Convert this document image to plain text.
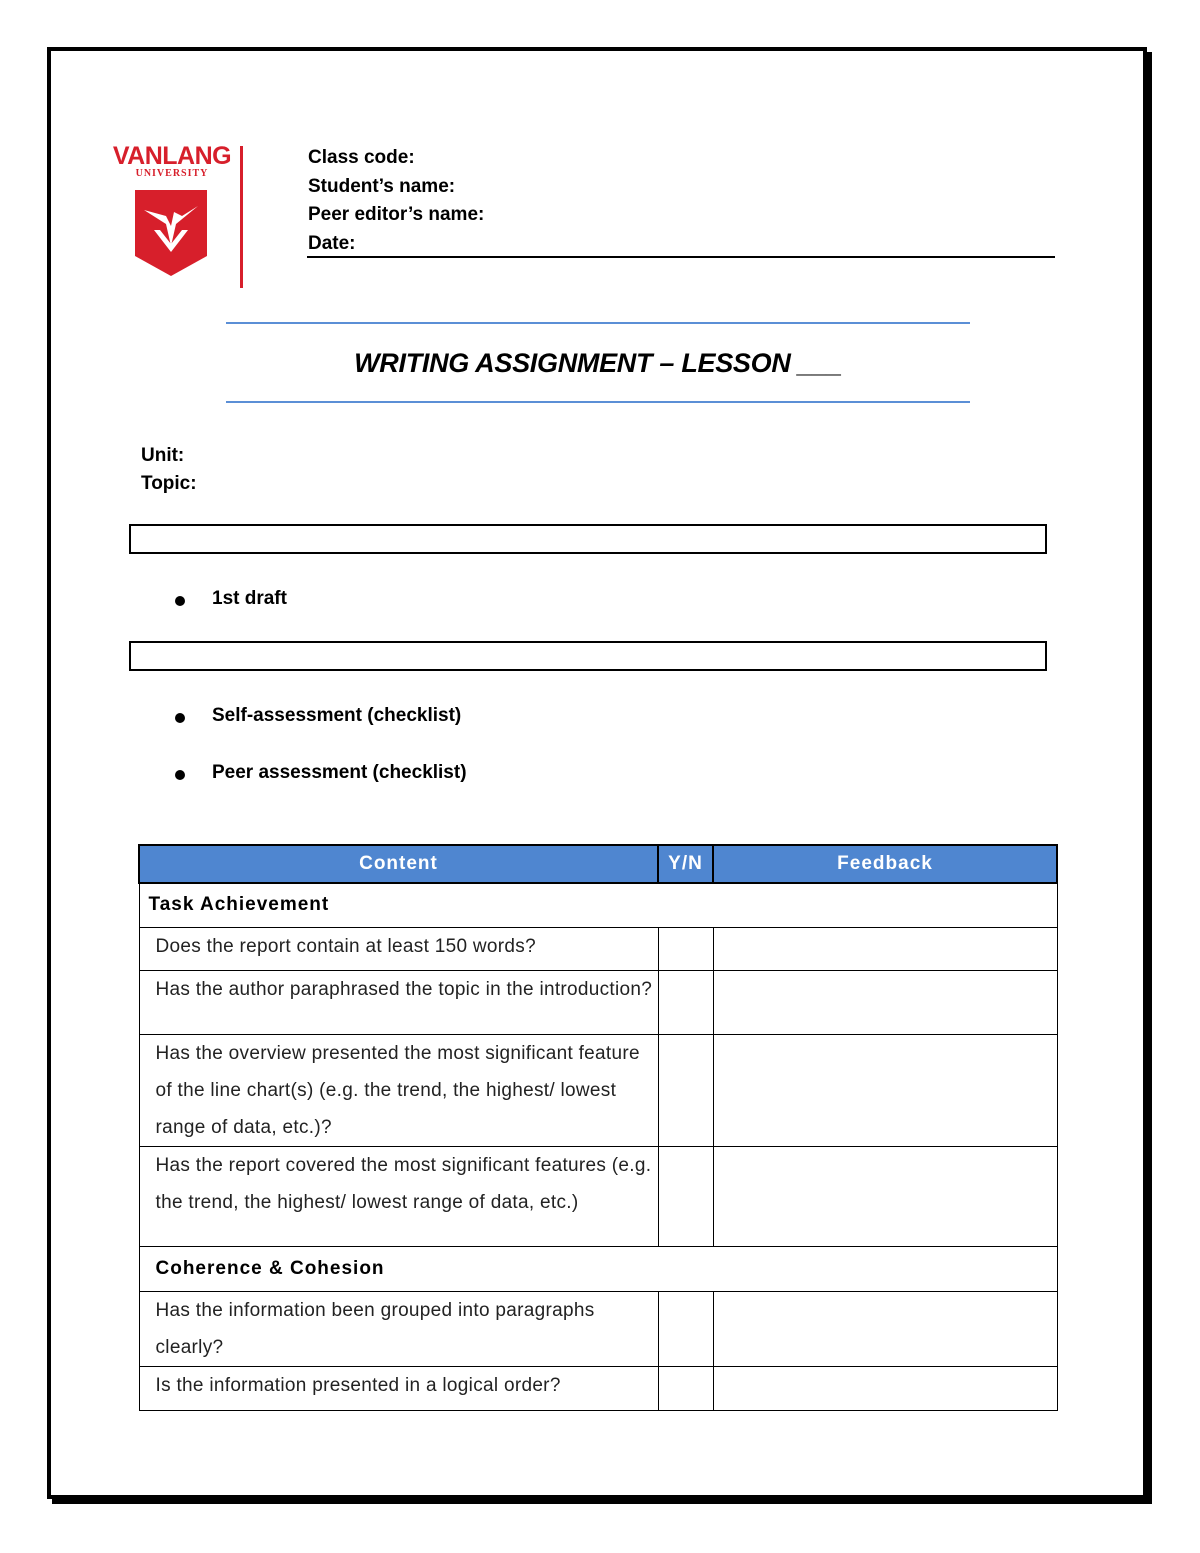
VANLANG
UNIVERSITY
Class code:
Student’s name:
Peer editor’s name:
Date:
WRITING ASSIGNMENT – LESSON ___
Unit:
Topic:
1st draft
Self-assessment (checklist)
Peer assessment (checklist)
Content	Y/N	Feedback
Task Achievement		
Does the report contain at least 150 words?		
Has the author paraphrased the topic in the introduction?		
Has the overview presented the most significant feature of the line chart(s) (e.g. the trend, the highest/ lowest range of data, etc.)?		
Has the report covered the most significant features (e.g. the trend, the highest/ lowest range of data, etc.)		
Coherence & Cohesion		
Has the information been grouped into paragraphs clearly?		
Is the information presented in a logical order?		
